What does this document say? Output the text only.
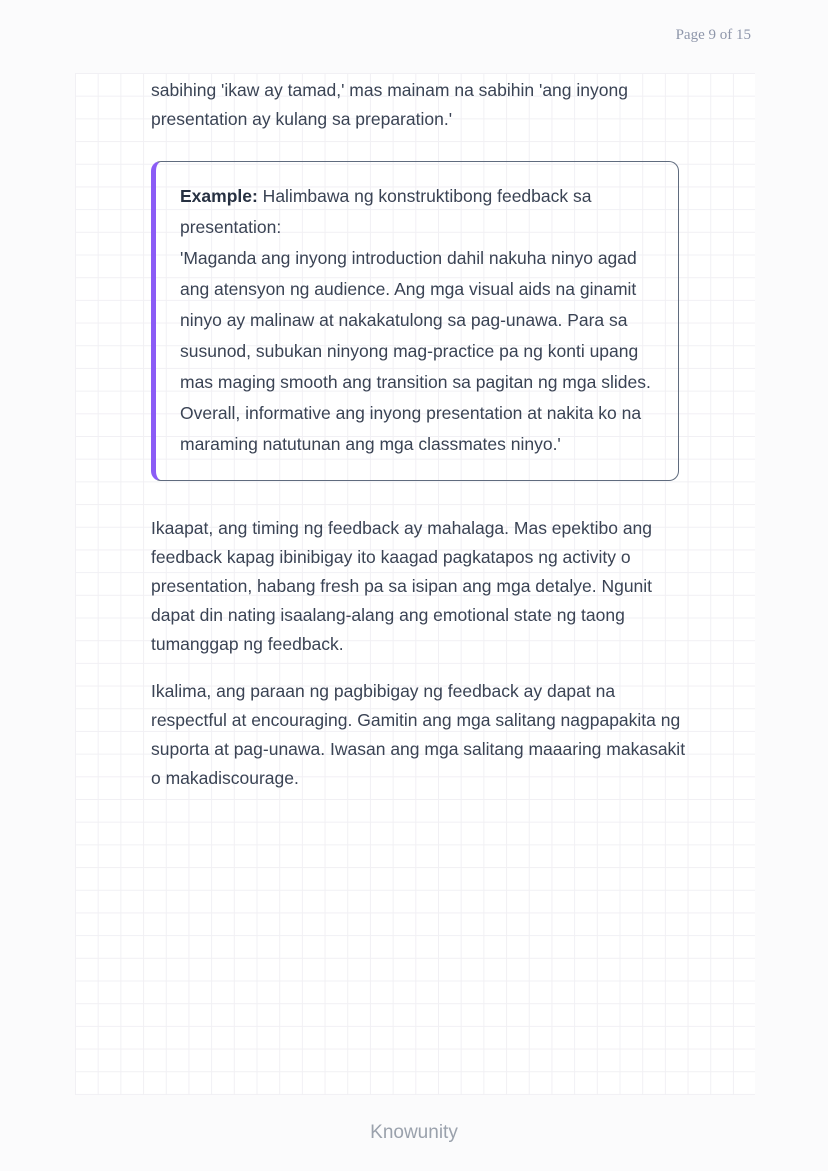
Page 9 of 15

sabihing 'ikaw ay tamad,' mas mainam na sabihin 'ang inyong presentation ay kulang sa preparation.'

Example: Halimbawa ng konstruktibong feedback sa presentation:
'Maganda ang inyong introduction dahil nakuha ninyo agad ang atensyon ng audience. Ang mga visual aids na ginamit ninyo ay malinaw at nakakatulong sa pag-unawa. Para sa susunod, subukan ninyong mag-practice pa ng konti upang mas maging smooth ang transition sa pagitan ng mga slides. Overall, informative ang inyong presentation at nakita ko na maraming natutunan ang mga classmates ninyo.'

Ikaapat, ang timing ng feedback ay mahalaga. Mas epektibo ang feedback kapag ibinibigay ito kaagad pagkatapos ng activity o presentation, habang fresh pa sa isipan ang mga detalye. Ngunit dapat din nating isaalang-alang ang emotional state ng taong tumanggap ng feedback.

Ikalima, ang paraan ng pagbibigay ng feedback ay dapat na respectful at encouraging. Gamitin ang mga salitang nagpapakita ng suporta at pag-unawa. Iwasan ang mga salitang maaaring makasakit o makadiscourage.

Knowunity
